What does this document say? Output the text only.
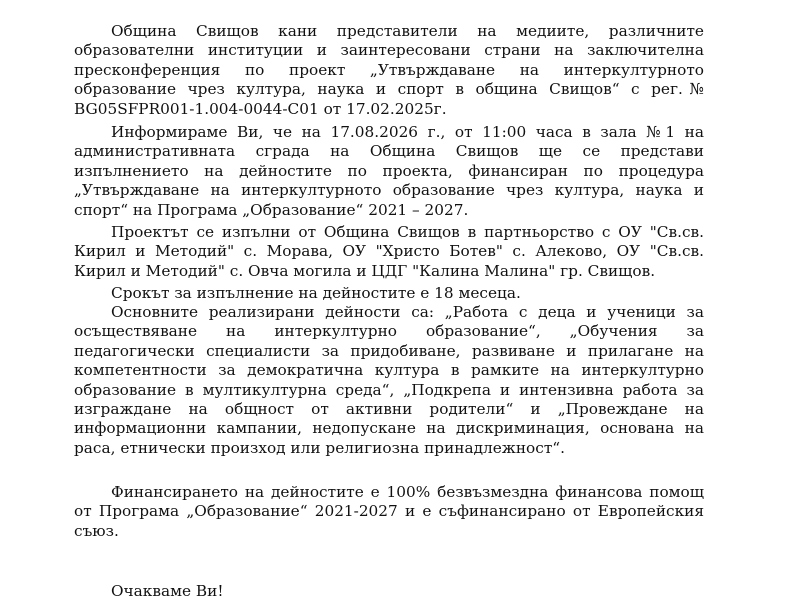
Община Свищов кани представители на медиите, различните образователни институции и заинтересовани страни на заключителна пресконференция по проект „Утвърждаване на интеркултурното образование чрез култура, наука и спорт в община Свищов“ с рег.№ BG05SFPR001-1.004-0044-C01 от 17.02.2025г.

Информираме Ви, че на 17.08.2026 г., от 11:00 часа в зала №1 на административната сграда на Община Свищов ще се представи изпълнението на дейностите по проекта, финансиран по процедура „Утвърждаване на интеркултурното образование чрез култура, наука и спорт“ на Програма „Образование“ 2021 – 2027.

Проектът се изпълни от Община Свищов в партньорство с ОУ "Св.св. Кирил и Методий" с. Морава, ОУ "Христо Ботев" с. Алеково, ОУ "Св.св. Кирил и Методий" с. Овча могила и ЦДГ "Калина Малина" гр. Свищов.

Срокът за изпълнение на дейностите е 18 месеца.

Основните реализирани дейности са: „Работа с деца и ученици за осъществяване на интеркултурно образование“, „Обучения за педагогически специалисти за придобиване, развиване и прилагане на компетентности за демократична култура в рамките на интеркултурно образование в мултикултурна среда“, „Подкрепа и интензивна работа за изграждане на общност от активни родители“ и „Провеждане на информационни кампании, недопускане на дискриминация, основана на раса, етнически произход или религиозна принадлежност“.

Финансирането на дейностите е 100% безвъзмездна финансова помощ от Програма „Образование“ 2021-2027 и е съфинансирано от Европейския съюз.

Очакваме Ви!
